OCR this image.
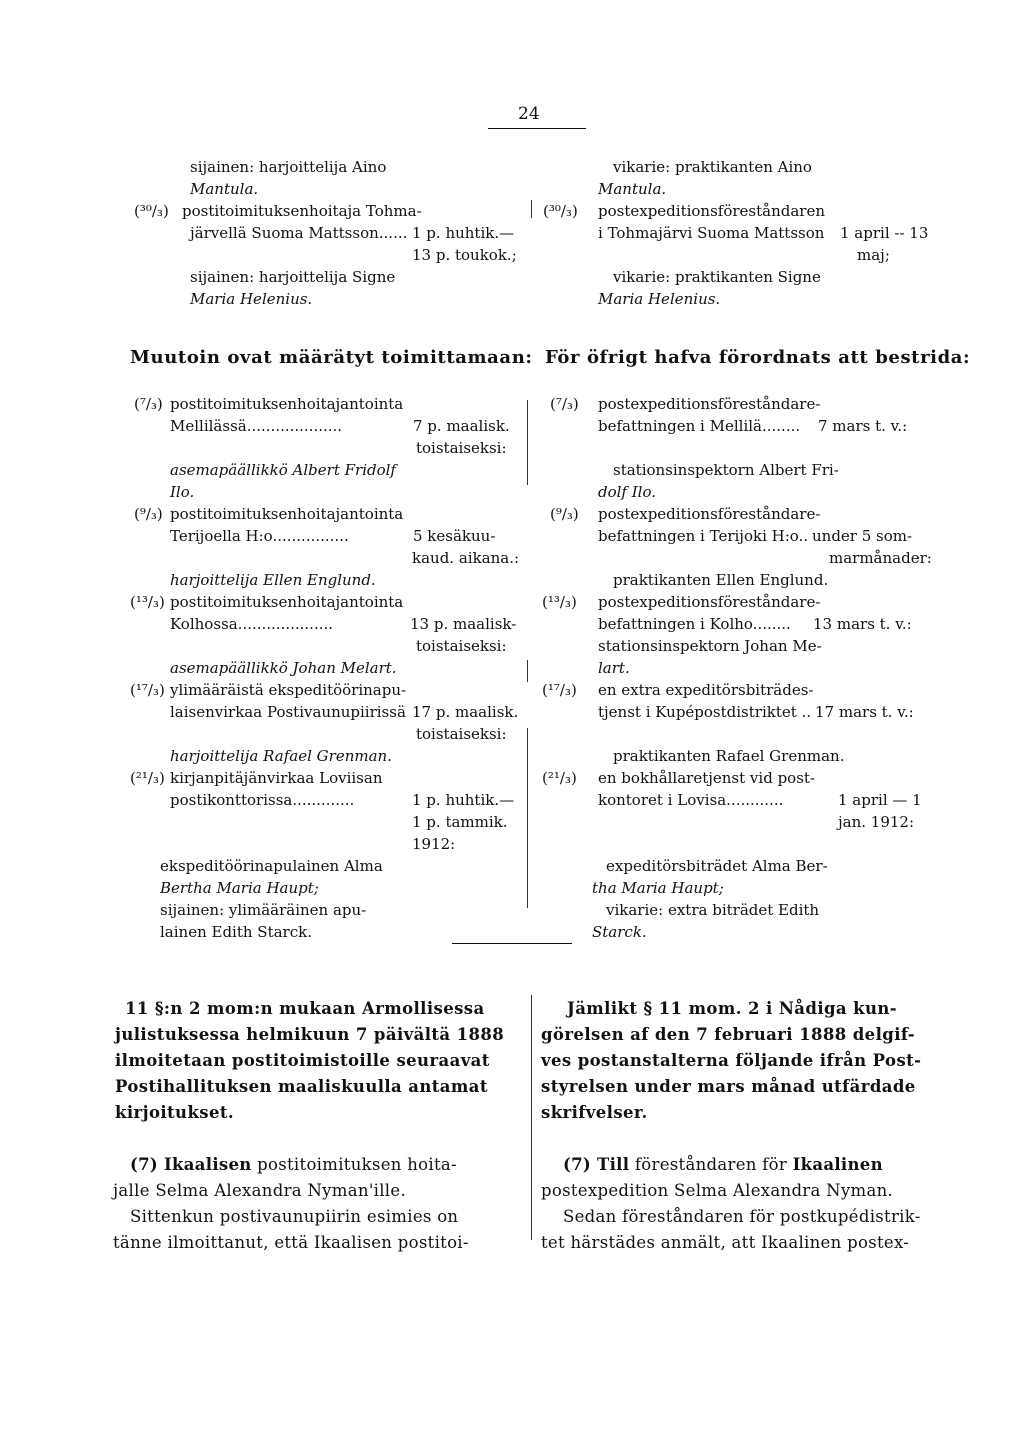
24
sijainen: harjoittelija Aino
Mantula.
(³⁰/₃) postitoimituksenhoitaja Tohma-
järvellä Suoma Mattsson...... 1 p. huhtik.—
13 p. toukok.;
sijainen: harjoittelija Signe
Maria Helenius.
vikarie: praktikanten Aino
Mantula.
(³⁰/₃) postexpeditionsföreståndaren
i Tohmajärvi Suoma Mattsson 1 april -- 13
maj;
vikarie: praktikanten Signe
Maria Helenius.
Muutoin ovat määrätyt toimittamaan: För öfrigt hafva förordnats att bestrida:
(⁷/₃) postitoimituksenhoitajantointa
Mellilässä....................	7 p. maalisk.
toistaiseksi:
asemapäällikkö Albert Fridolf
Ilo.
(⁹/₃) postitoimituksenhoitajantointa
Terijoella H:o................	5 kesäkuu-
kaud. aikana.:
harjoittelija Ellen Englund.
(¹³/₃) postitoimituksenhoitajantointa
Kolhossa....................	13 p. maalisk-
toistaiseksi:
asemapäällikkö Johan Melart.
(¹⁷/₃) ylimääräistä ekspeditöörinapu-
laisenvirkaa Postivaunupiirissä 17 p. maalisk.
toistaiseksi:
harjoittelija Rafael Grenman.
(²¹/₃) kirjanpitäjänvirkaa Loviisan
postikonttorissa.............	1 p. huhtik.—
1 p. tammik.
1912:
ekspeditöörinapulainen Alma
Bertha Maria Haupt;
sijainen: ylimääräinen apu-
lainen Edith Starck.
(⁷/₃) postexpeditionsföreståndare-
befattningen i Mellilä........ 7 mars t. v.:
stationsinspektorn Albert Fri-
dolf Ilo.
(⁹/₃) postexpeditionsföreståndare-
befattningen i Terijoki H:o.. under 5 som-
marmånader:
praktikanten Ellen Englund.
(¹³/₃) postexpeditionsföreståndare-
befattningen i Kolho........ 13 mars t. v.:
stationsinspektorn Johan Me-
lart.
(¹⁷/₃) en extra expeditörsbiträdes-
tjenst i Kupépostdistriktet .. 17 mars t. v.:
praktikanten Rafael Grenman.
(²¹/₃) en bokhållaretjenst vid post-
kontoret i Lovisa............	1 april — 1
jan. 1912:
expeditörsbiträdet Alma Ber-
tha Maria Haupt;
vikarie: extra biträdet Edith
Starck.
11 §:n 2 mom:n mukaan Armollisessa
julistuksessa helmikuun 7 päivältä 1888
ilmoitetaan postitoimistoille seuraavat
Postihallituksen maaliskuulla antamat
kirjoitukset.
(7) Ikaalisen postitoimituksen hoita-
jalle Selma Alexandra Nyman'ille.
Sittenkun postivaunupiirin esimies on
tänne ilmoittanut, että Ikaalisen postitoi-
Jämlikt § 11 mom. 2 i Nådiga kun-
görelsen af den 7 februari 1888 delgif-
ves postanstalterna följande ifrån Post-
styrelsen under mars månad utfärdade
skrifvelser.
(7) Till föreståndaren för Ikaalinen
postexpedition Selma Alexandra Nyman.
Sedan föreståndaren för postkupédistrik-
tet härstädes anmält, att Ikaalinen postex-
